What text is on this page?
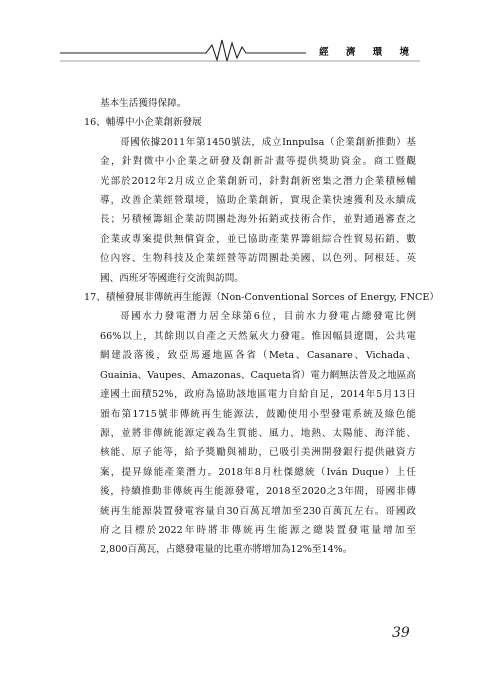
經 濟 環 境
基本生活獲得保障。
16、輔導中小企業創新發展
哥國依據2011年第1450號法，成立Innpulsa（企業創新推動）基
金，針對微中小企業之研發及創新計畫等提供獎助資金。商工暨觀
光部於2012年2月成立企業創新司，針對創新密集之潛力企業積極輔
導，改善企業經營環境，協助企業創新，實現企業快速獲利及永續成
長；另積極籌組企業訪問團赴海外拓銷或技術合作，並對通過審查之
企業或專案提供無償資金，並已協助產業界籌組綜合性貿易拓銷、數
位內容、生物科技及企業經營等訪問團赴美國、以色列、阿根廷、英
國、西班牙等國進行交流與訪問。
17、積極發展非傳統再生能源（Non-Conventional Sorces of Energy, FNCE）
哥國水力發電潛力居全球第6位，目前水力發電占總發電比例
66%以上，其餘則以自產之天然氣火力發電。惟因幅員遼闊，公共電
網建設落後，致亞馬遜地區各省（Meta、Casanare、Vichada、
Guainia、Vaupes、Amazonas、Caqueta省）電力網無法普及之地區高
達國土面積52%，政府為協助該地區電力自給自足，2014年5月13日
頒布第1715號非傳統再生能源法，鼓勵使用小型發電系統及綠色能
源，並將非傳統能源定義為生質能、風力、地熱、太陽能、海洋能、
核能、原子能等，給予獎勵與補助，已吸引美洲開發銀行提供融資方
案，提昇綠能產業潛力。2018年8月杜傑總統（Iván Duque）上任
後，持續推動非傳統再生能源發電，2018至2020之3年間，哥國非傳
統再生能源裝置發電容量自30百萬瓦增加至230百萬瓦左右。哥國政
府之目標於2022年時將非傳統再生能源之總裝置發電量增加至
2,800百萬瓦，占總發電量的比重亦將增加為12%至14%。
39
